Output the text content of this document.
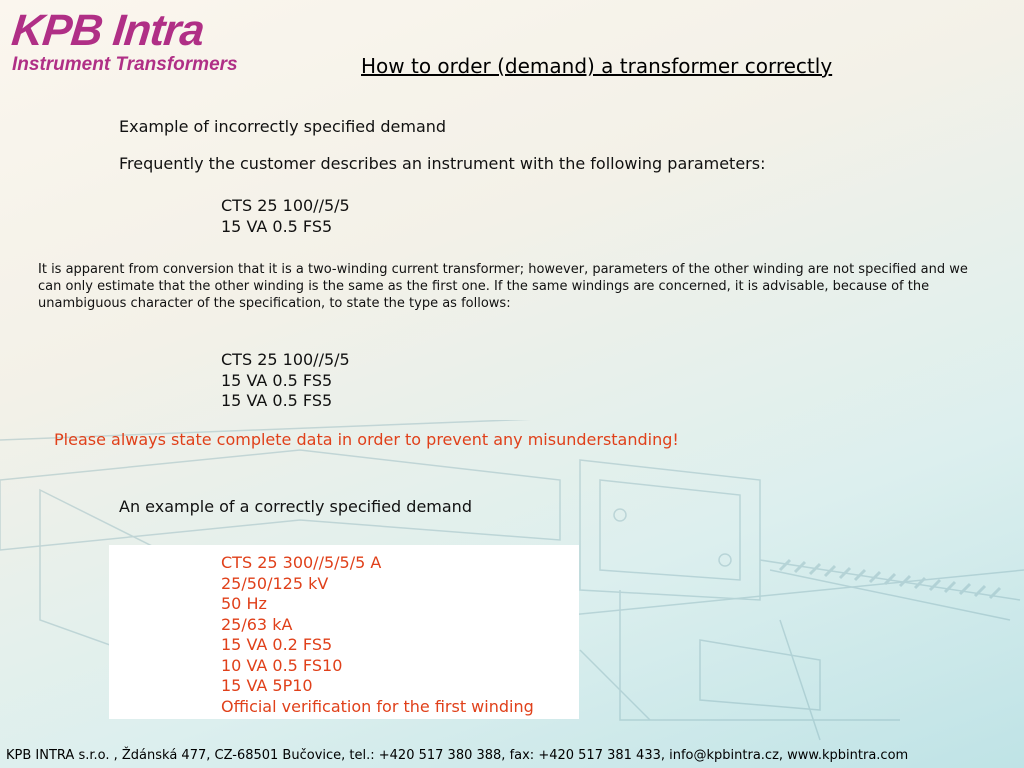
KPB Intra
Instrument Transformers	How to order (demand) a transformer correctly
Example of incorrectly specified demand
Frequently the customer describes an instrument with the following parameters:
CTS 25 100//5/5
15 VA 0.5 FS5
It is apparent from conversion that it is a two-winding current transformer; however, parameters of the other winding are not specified and we can only estimate that the other winding is the same as the first one. If the same windings are concerned, it is advisable, because of the unambiguous character of the specification, to state the type as follows:
CTS 25 100//5/5
15 VA 0.5 FS5
15 VA 0.5 FS5
Please always state complete data in order to prevent any misunderstanding!
An example of a correctly specified demand
CTS 25 300//5/5/5 A
25/50/125 kV
50 Hz
25/63 kA
15 VA 0.2 FS5
10 VA 0.5 FS10
15 VA 5P10
Official verification for the first winding
KPB INTRA s.r.o. , Ždánská 477, CZ-68501 Bučovice, tel.: +420 517 380 388, fax: +420 517 381 433, info@kpbintra.cz, www.kpbintra.com
